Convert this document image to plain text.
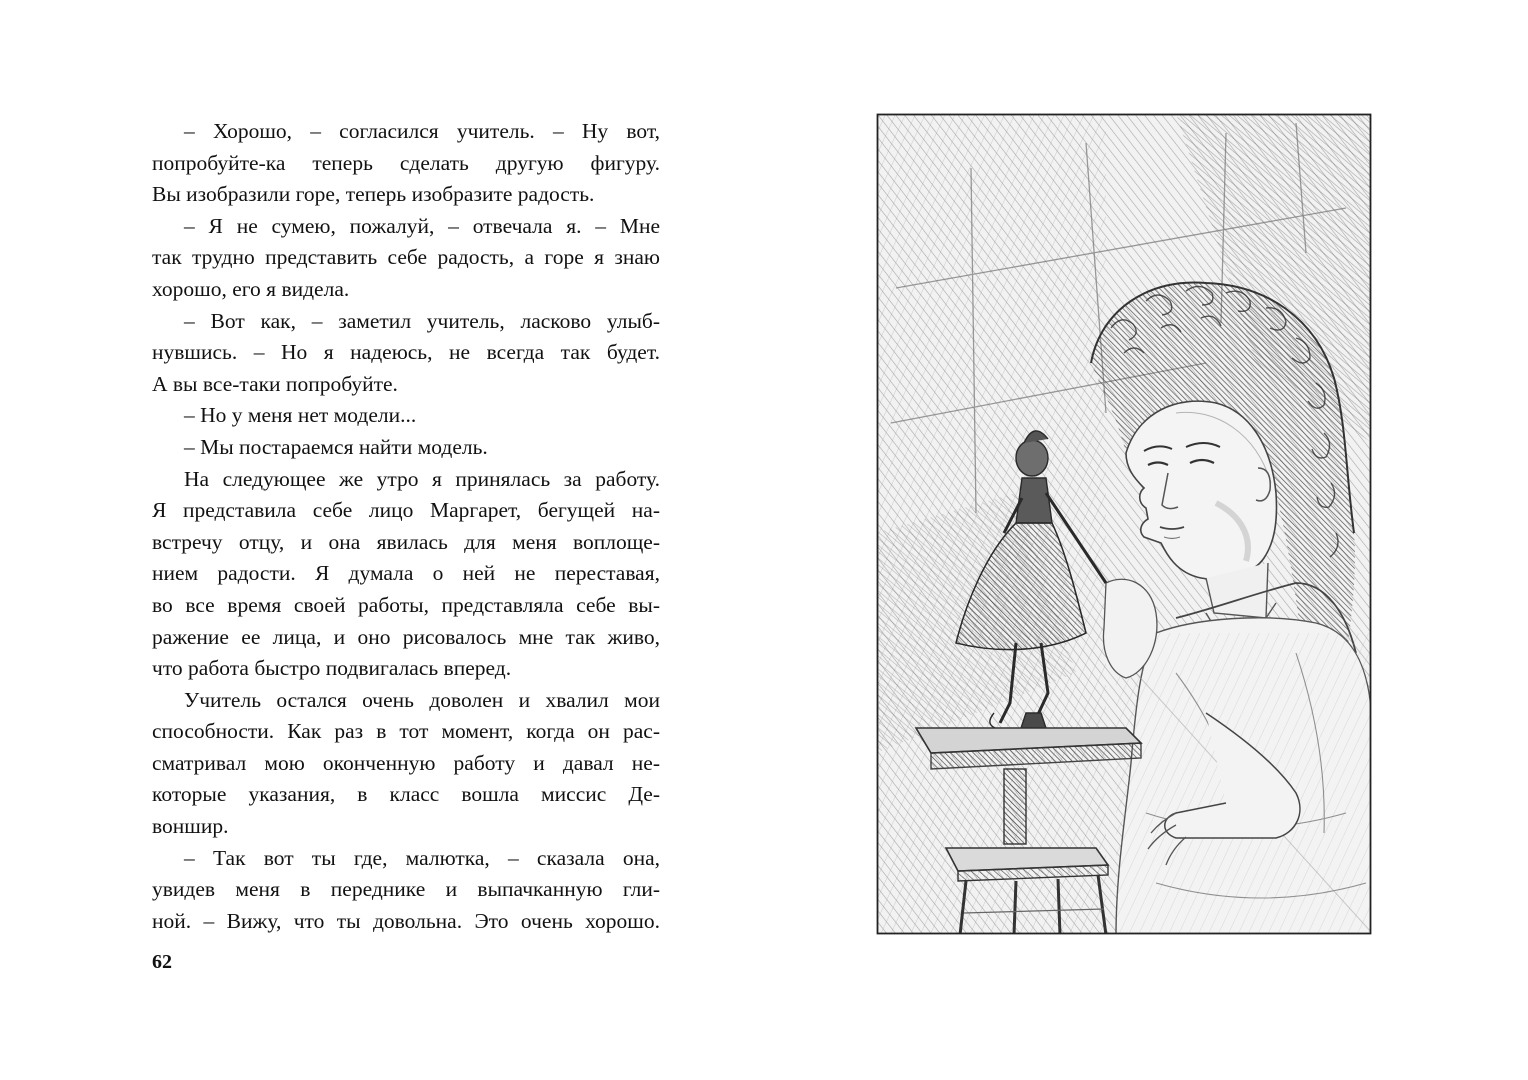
– Хорошо, – согласился учитель. – Ну вот,
попробуйте-ка теперь сделать другую фигуру.
Вы изобразили горе, теперь изобразите радость.
– Я не сумею, пожалуй, – отвечала я. – Мне
так трудно представить себе радость, а горе я знаю
хорошо, его я видела.
– Вот как, – заметил учитель, ласково улыб-
нувшись. – Но я надеюсь, не всегда так будет.
А вы все-таки попробуйте.
– Но у меня нет модели...
– Мы постараемся найти модель.
На следующее же утро я принялась за работу.
Я представила себе лицо Маргарет, бегущей на-
встречу отцу, и она явилась для меня воплоще-
нием радости. Я думала о ней не переставая,
во все время своей работы, представляла себе вы-
ражение ее лица, и оно рисовалось мне так живо,
что работа быстро подвигалась вперед.
Учитель остался очень доволен и хвалил мои
способности. Как раз в тот момент, когда он рас-
сматривал мою оконченную работу и давал не-
которые указания, в класс вошла миссис Де-
воншир.
– Так вот ты где, малютка, – сказала она,
увидев меня в переднике и выпачканную гли-
ной. – Вижу, что ты довольна. Это очень хорошо.
62
